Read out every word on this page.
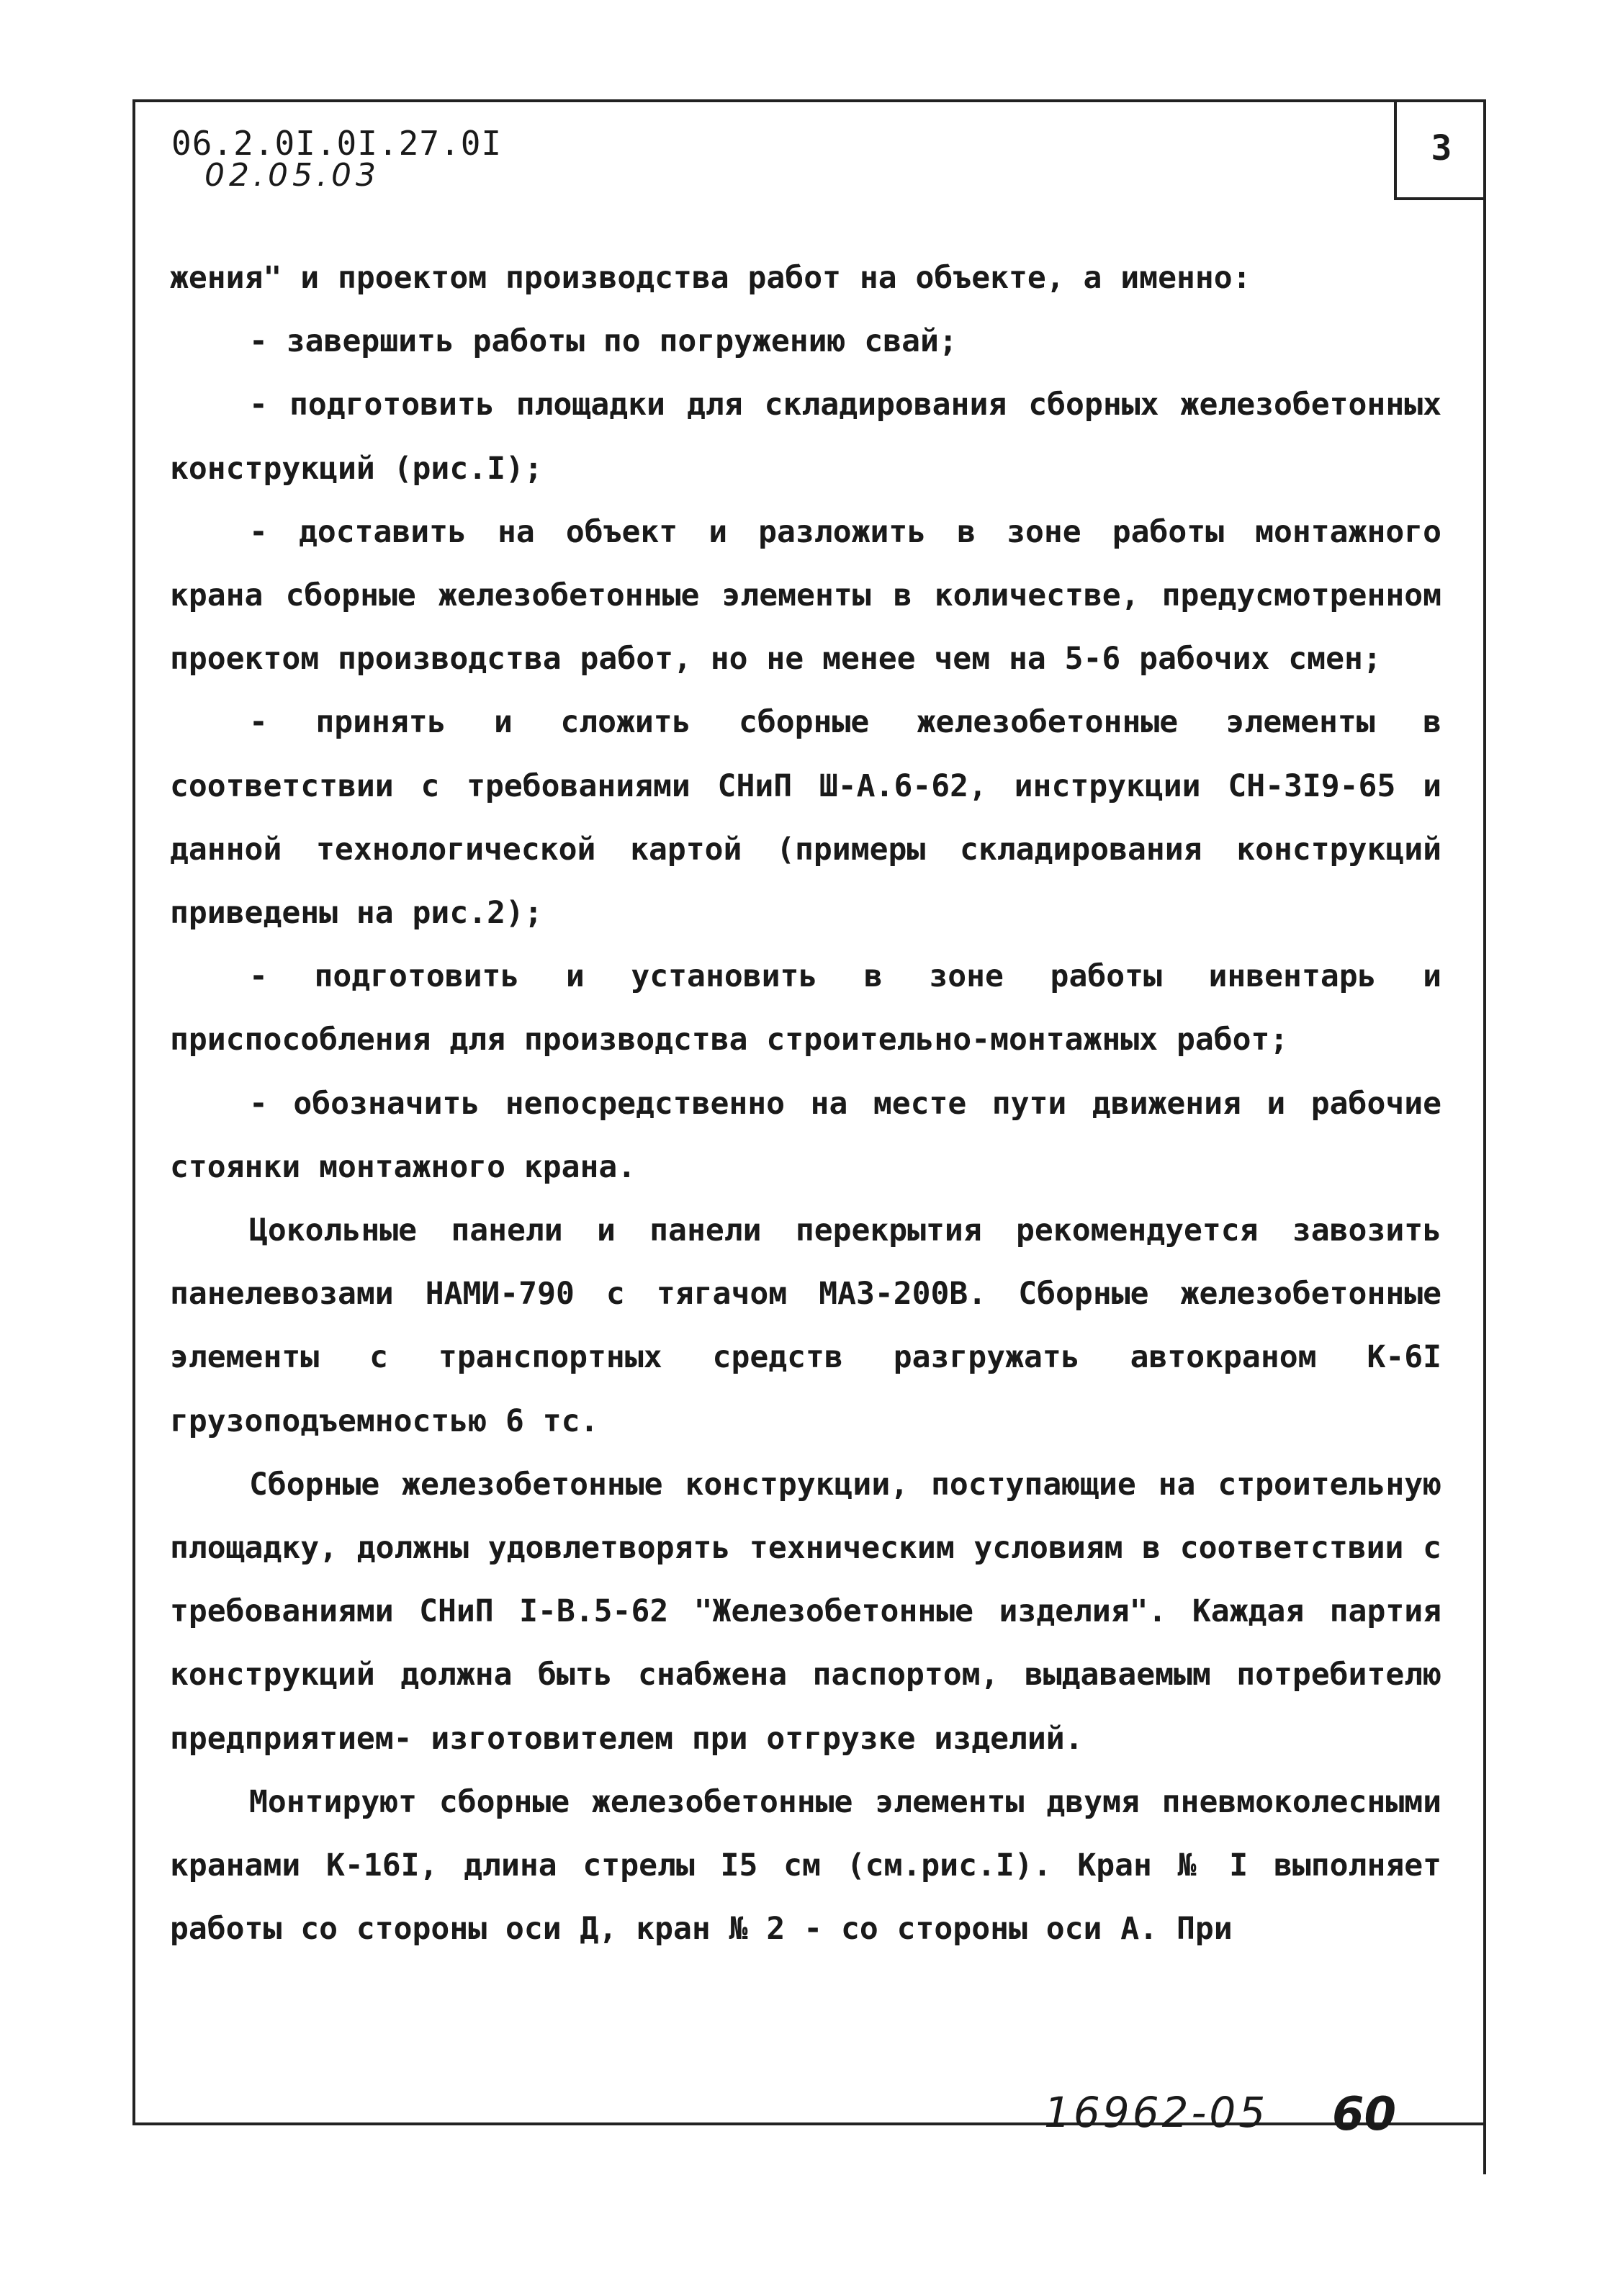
06.2.0I.0I.27.0I
02.05.03
3

жения" и проектом производства работ на объекте, а именно:

- завершить работы по погружению свай;

- подготовить площадки для складирования сборных железобетонных конструкций (рис.I);

- доставить на объект и разложить в зоне работы монтажного крана сборные железобетонные элементы в количестве, предусмотренном проектом производства работ, но не менее чем на 5-6 рабочих смен;

- принять и сложить сборные железобетонные элементы в соответствии с требованиями СНиП Ш-А.6-62, инструкции СН-3I9-65 и данной технологической картой (примеры складирования конструкций приведены на рис.2);

- подготовить и установить в зоне работы инвентарь и приспособления для производства строительно-монтажных работ;

- обозначить непосредственно на месте пути движения и рабочие стоянки монтажного крана.

Цокольные панели и панели перекрытия рекомендуется завозить панелевозами НАМИ-790 с тягачом МАЗ-200В. Сборные железобетонные элементы с транспортных средств разгружать автокраном К-6I грузоподъемностью 6 тс.

Сборные железобетонные конструкции, поступающие на строительную площадку, должны удовлетворять техническим условиям в соответствии с требованиями СНиП I-В.5-62 "Железобетонные изделия". Каждая партия конструкций должна быть снабжена паспортом, выдаваемым потребителю предприятием- изготовителем при отгрузке изделий.

Монтируют сборные железобетонные элементы двумя пневмоколесными кранами К-16I, длина стрелы I5 см (см.рис.I). Кран № I выполняет работы со стороны оси Д, кран № 2 - со стороны оси А. При

16962-05 60
